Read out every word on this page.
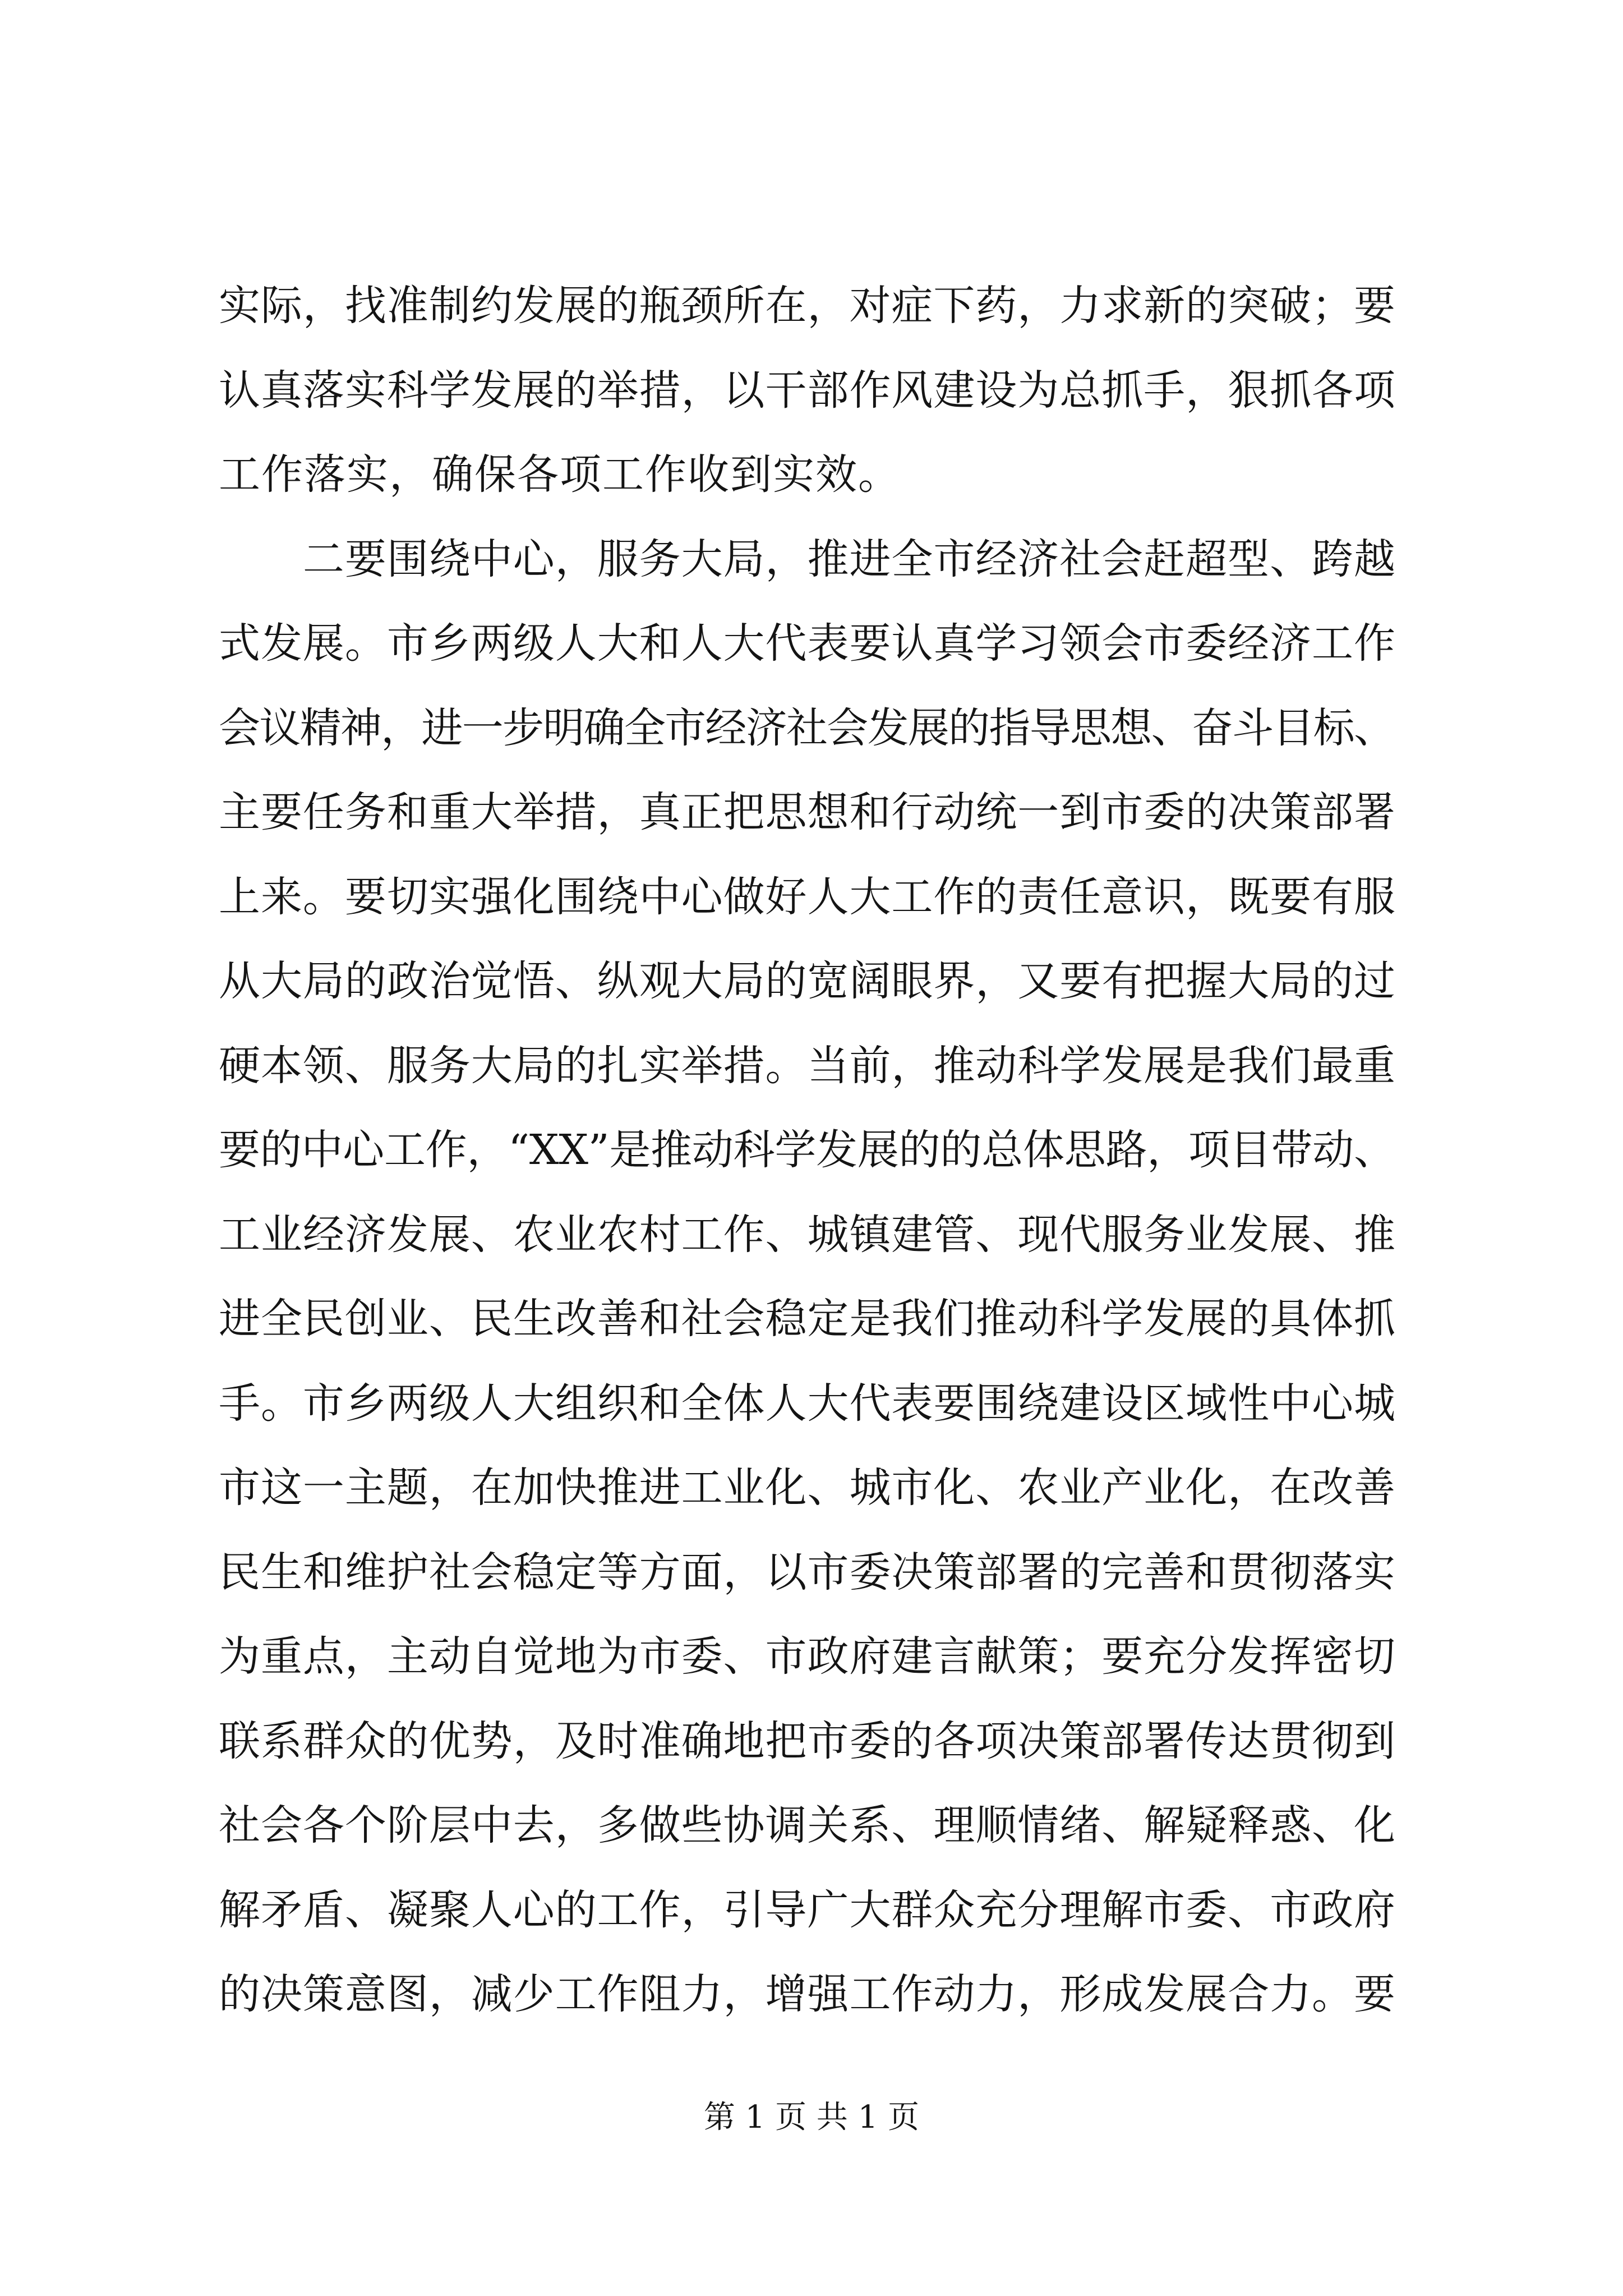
实际，找准制约发展的瓶颈所在，对症下药，力求新的突破；要
认真落实科学发展的举措，以干部作风建设为总抓手，狠抓各项
工作落实，确保各项工作收到实效。
　　二要围绕中心，服务大局，推进全市经济社会赶超型、跨越
式发展。市乡两级人大和人大代表要认真学习领会市委经济工作
会议精神，进一步明确全市经济社会发展的指导思想、奋斗目标、
主要任务和重大举措，真正把思想和行动统一到市委的决策部署
上来。要切实强化围绕中心做好人大工作的责任意识，既要有服
从大局的政治觉悟、纵观大局的宽阔眼界，又要有把握大局的过
硬本领、服务大局的扎实举措。当前，推动科学发展是我们最重
要的中心工作，“XX”是推动科学发展的的总体思路，项目带动、
工业经济发展、农业农村工作、城镇建管、现代服务业发展、推
进全民创业、民生改善和社会稳定是我们推动科学发展的具体抓
手。市乡两级人大组织和全体人大代表要围绕建设区域性中心城
市这一主题，在加快推进工业化、城市化、农业产业化，在改善
民生和维护社会稳定等方面，以市委决策部署的完善和贯彻落实
为重点，主动自觉地为市委、市政府建言献策；要充分发挥密切
联系群众的优势，及时准确地把市委的各项决策部署传达贯彻到
社会各个阶层中去，多做些协调关系、理顺情绪、解疑释惑、化
解矛盾、凝聚人心的工作，引导广大群众充分理解市委、市政府
的决策意图，减少工作阻力，增强工作动力，形成发展合力。要
第 1 页 共 1 页
